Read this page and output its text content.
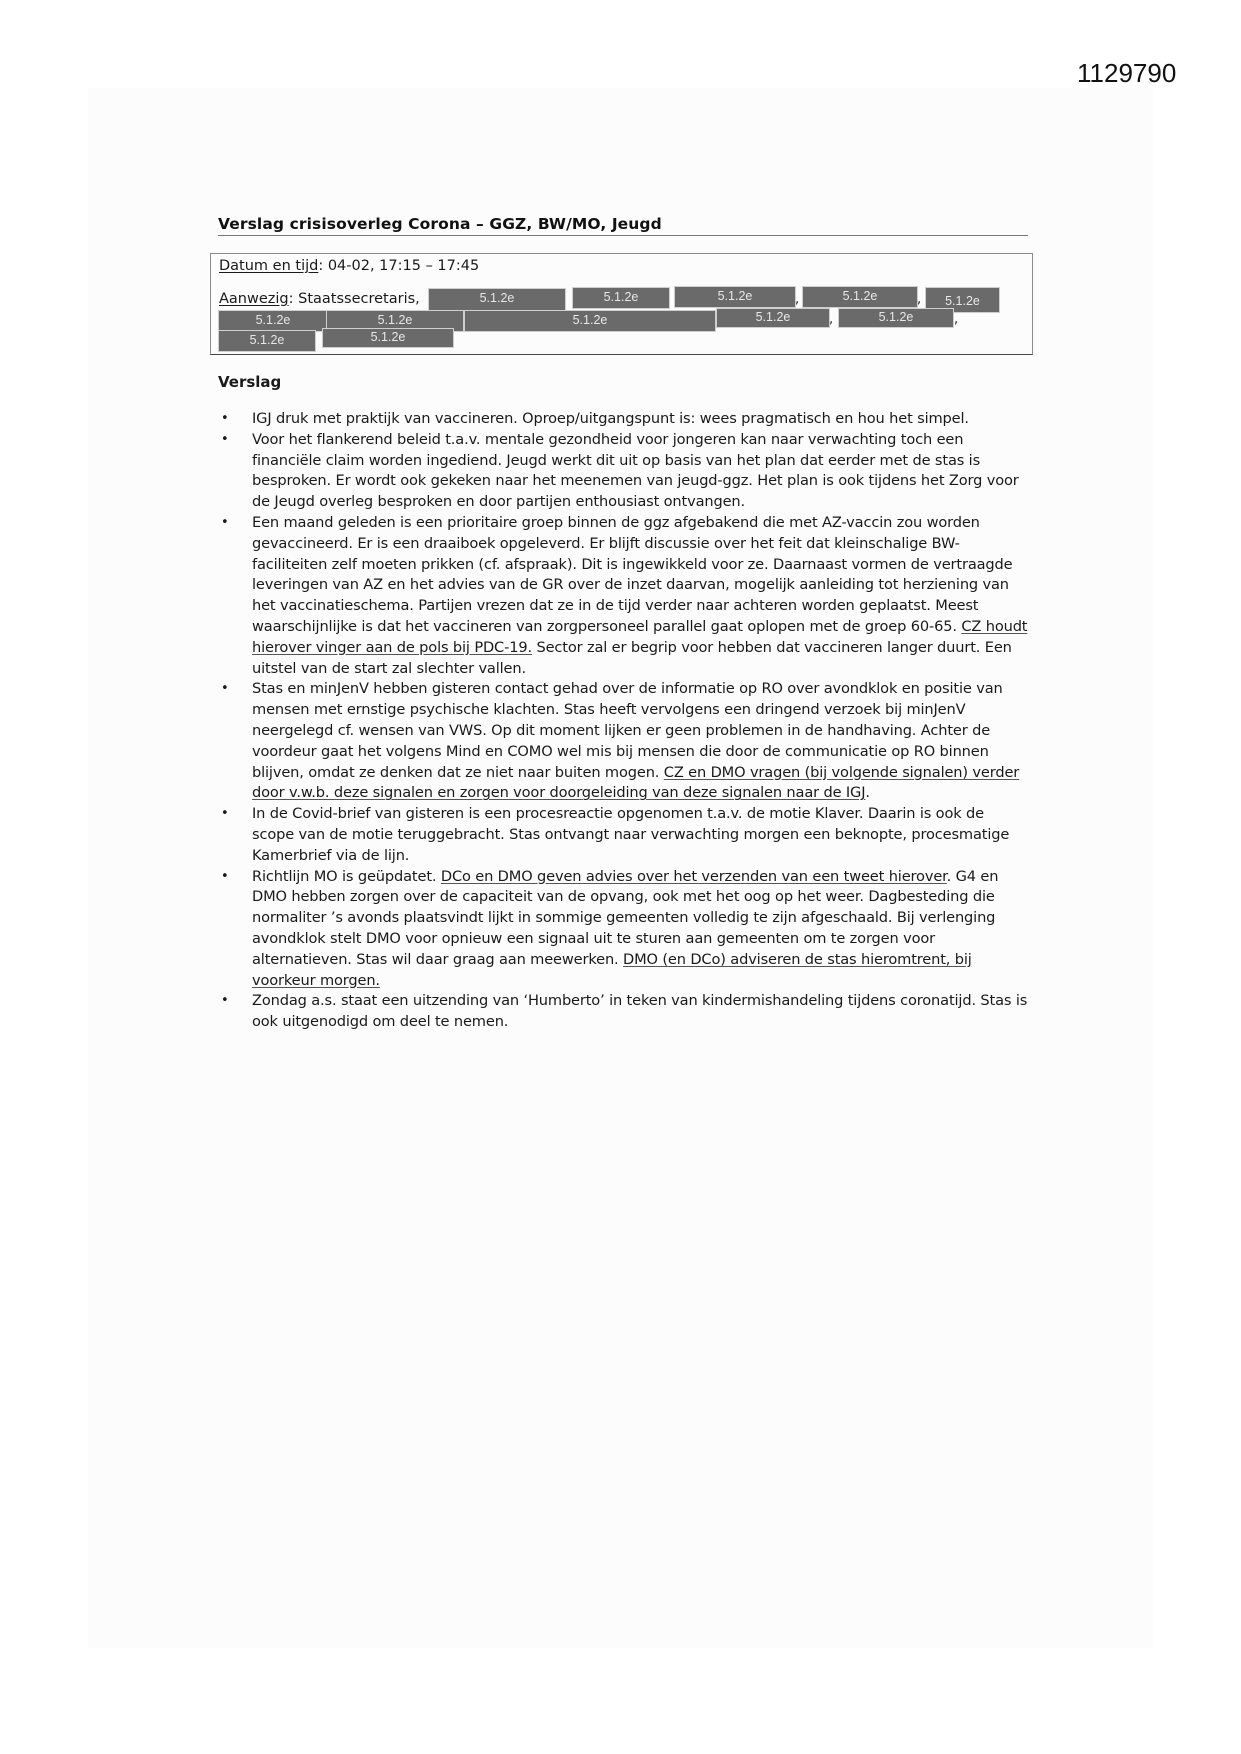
1129790
Verslag crisisoverleg Corona – GGZ, BW/MO, Jeugd
Datum en tijd: 04-02, 17:15 – 17:45
Aanwezig: Staatssecretaris,	5.1.2e	5.1.2e	5.1.2e	,	5.1.2e	,	5.1.2e
5.1.2e	5.1.2e	5.1.2e	5.1.2e	,	5.1.2e	,
5.1.2e	5.1.2e
Verslag
• IGJ druk met praktijk van vaccineren. Oproep/uitgangspunt is: wees pragmatisch en hou het simpel.
• Voor het flankerend beleid t.a.v. mentale gezondheid voor jongeren kan naar verwachting toch een financiële claim worden ingediend. Jeugd werkt dit uit op basis van het plan dat eerder met de stas is besproken. Er wordt ook gekeken naar het meenemen van jeugd-ggz. Het plan is ook tijdens het Zorg voor de Jeugd overleg besproken en door partijen enthousiast ontvangen.
• Een maand geleden is een prioritaire groep binnen de ggz afgebakend die met AZ-vaccin zou worden gevaccineerd. Er is een draaiboek opgeleverd. Er blijft discussie over het feit dat kleinschalige BW-faciliteiten zelf moeten prikken (cf. afspraak). Dit is ingewikkeld voor ze. Daarnaast vormen de vertraagde leveringen van AZ en het advies van de GR over de inzet daarvan, mogelijk aanleiding tot herziening van het vaccinatieschema. Partijen vrezen dat ze in de tijd verder naar achteren worden geplaatst. Meest waarschijnlijke is dat het vaccineren van zorgpersoneel parallel gaat oplopen met de groep 60-65. CZ houdt hierover vinger aan de pols bij PDC-19. Sector zal er begrip voor hebben dat vaccineren langer duurt. Een uitstel van de start zal slechter vallen.
• Stas en minJenV hebben gisteren contact gehad over de informatie op RO over avondklok en positie van mensen met ernstige psychische klachten. Stas heeft vervolgens een dringend verzoek bij minJenV neergelegd cf. wensen van VWS. Op dit moment lijken er geen problemen in de handhaving. Achter de voordeur gaat het volgens Mind en COMO wel mis bij mensen die door de communicatie op RO binnen blijven, omdat ze denken dat ze niet naar buiten mogen. CZ en DMO vragen (bij volgende signalen) verder door v.w.b. deze signalen en zorgen voor doorgeleiding van deze signalen naar de IGJ.
• In de Covid-brief van gisteren is een procesreactie opgenomen t.a.v. de motie Klaver. Daarin is ook de scope van de motie teruggebracht. Stas ontvangt naar verwachting morgen een beknopte, procesmatige Kamerbrief via de lijn.
• Richtlijn MO is geüpdatet. DCo en DMO geven advies over het verzenden van een tweet hierover. G4 en DMO hebben zorgen over de capaciteit van de opvang, ook met het oog op het weer. Dagbesteding die normaliter ’s avonds plaatsvindt lijkt in sommige gemeenten volledig te zijn afgeschaald. Bij verlenging avondklok stelt DMO voor opnieuw een signaal uit te sturen aan gemeenten om te zorgen voor alternatieven. Stas wil daar graag aan meewerken. DMO (en DCo) adviseren de stas hieromtrent, bij voorkeur morgen.
• Zondag a.s. staat een uitzending van ‘Humberto’ in teken van kindermishandeling tijdens coronatijd. Stas is ook uitgenodigd om deel te nemen.
